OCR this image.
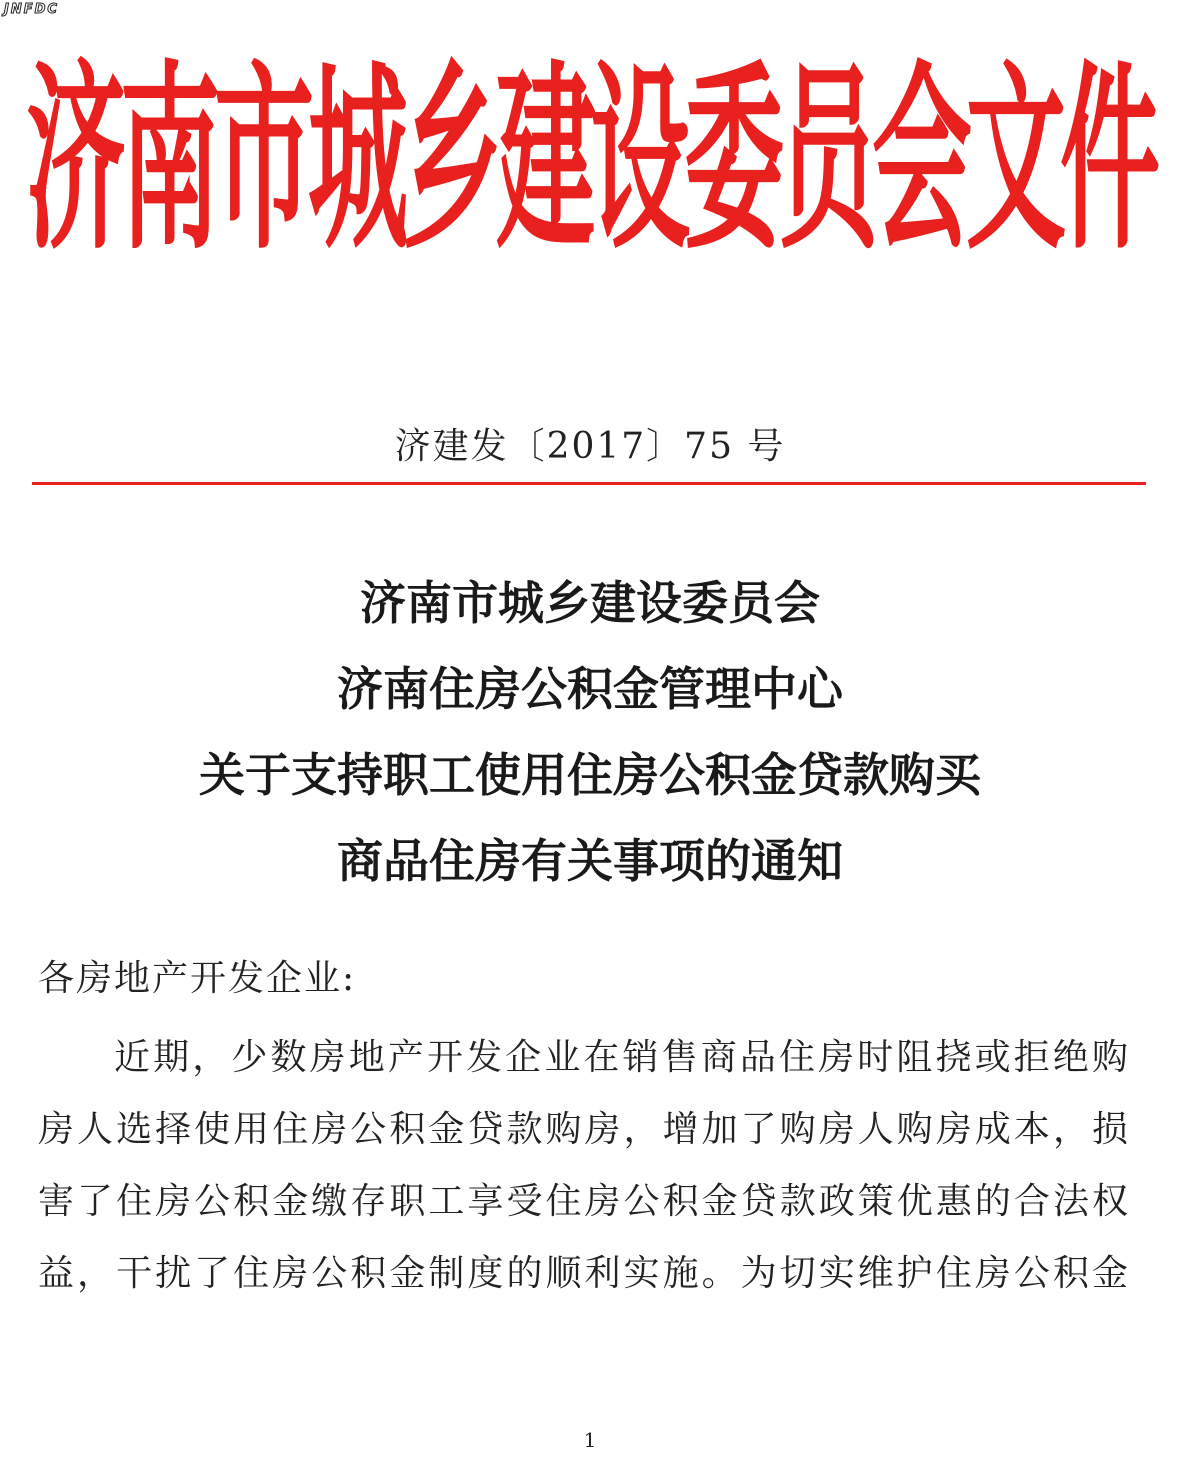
JNFDC
济南市城乡建设委员会文件
济建发〔2017〕75 号
济南市城乡建设委员会
济南住房公积金管理中心
关于支持职工使用住房公积金贷款购买
商品住房有关事项的通知
各房地产开发企业:
近期，少数房地产开发企业在销售商品住房时阻挠或拒绝购
房人选择使用住房公积金贷款购房，增加了购房人购房成本，损
害了住房公积金缴存职工享受住房公积金贷款政策优惠的合法权
益，干扰了住房公积金制度的顺利实施。为切实维护住房公积金
1
